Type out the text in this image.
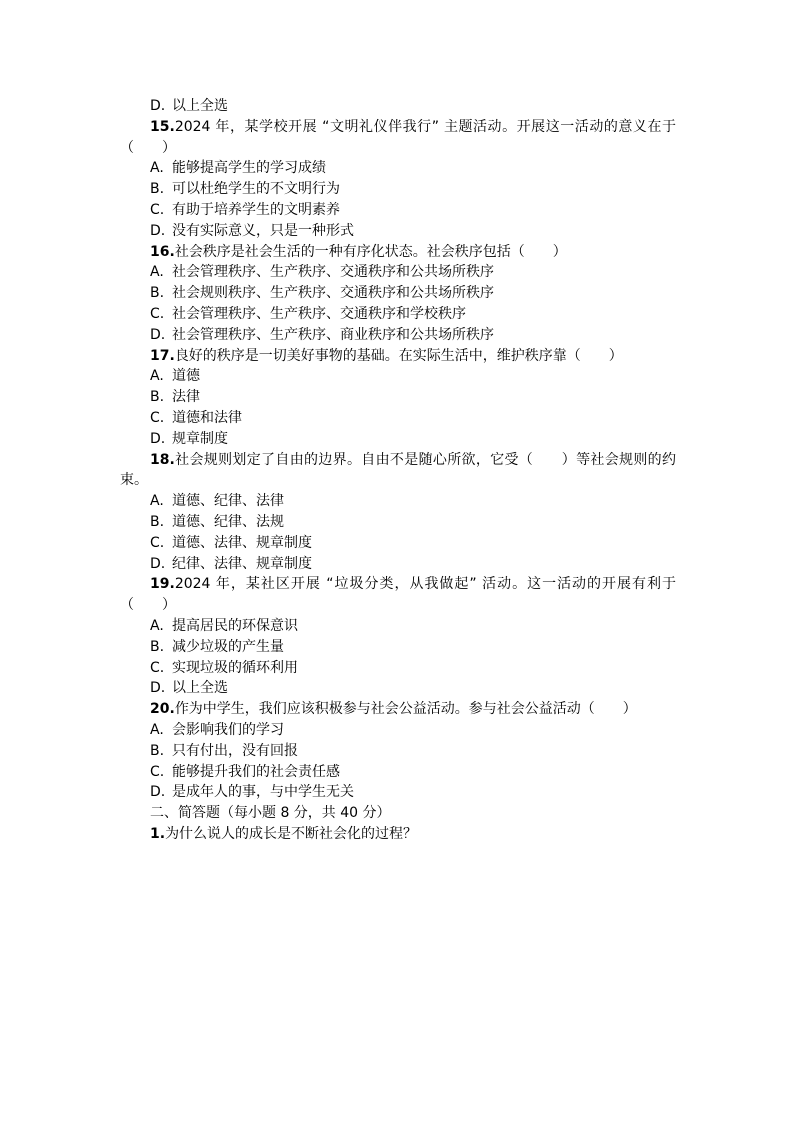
D. 以上全选
15.2024 年，某学校开展 “文明礼仪伴我行” 主题活动。开展这一活动的意义在于（　　）
A. 能够提高学生的学习成绩
B. 可以杜绝学生的不文明行为
C. 有助于培养学生的文明素养
D. 没有实际意义，只是一种形式
16.社会秩序是社会生活的一种有序化状态。社会秩序包括（　　）
A. 社会管理秩序、生产秩序、交通秩序和公共场所秩序
B. 社会规则秩序、生产秩序、交通秩序和公共场所秩序
C. 社会管理秩序、生产秩序、交通秩序和学校秩序
D. 社会管理秩序、生产秩序、商业秩序和公共场所秩序
17.良好的秩序是一切美好事物的基础。在实际生活中，维护秩序靠（　　）
A. 道德
B. 法律
C. 道德和法律
D. 规章制度
18.社会规则划定了自由的边界。自由不是随心所欲，它受（　　）等社会规则的约束。
A. 道德、纪律、法律
B. 道德、纪律、法规
C. 道德、法律、规章制度
D. 纪律、法律、规章制度
19.2024 年，某社区开展 “垃圾分类，从我做起” 活动。这一活动的开展有利于（　　）
A. 提高居民的环保意识
B. 减少垃圾的产生量
C. 实现垃圾的循环利用
D. 以上全选
20.作为中学生，我们应该积极参与社会公益活动。参与社会公益活动（　　）
A. 会影响我们的学习
B. 只有付出，没有回报
C. 能够提升我们的社会责任感
D. 是成年人的事，与中学生无关
二、简答题（每小题 8 分，共 40 分）
1.为什么说人的成长是不断社会化的过程？
